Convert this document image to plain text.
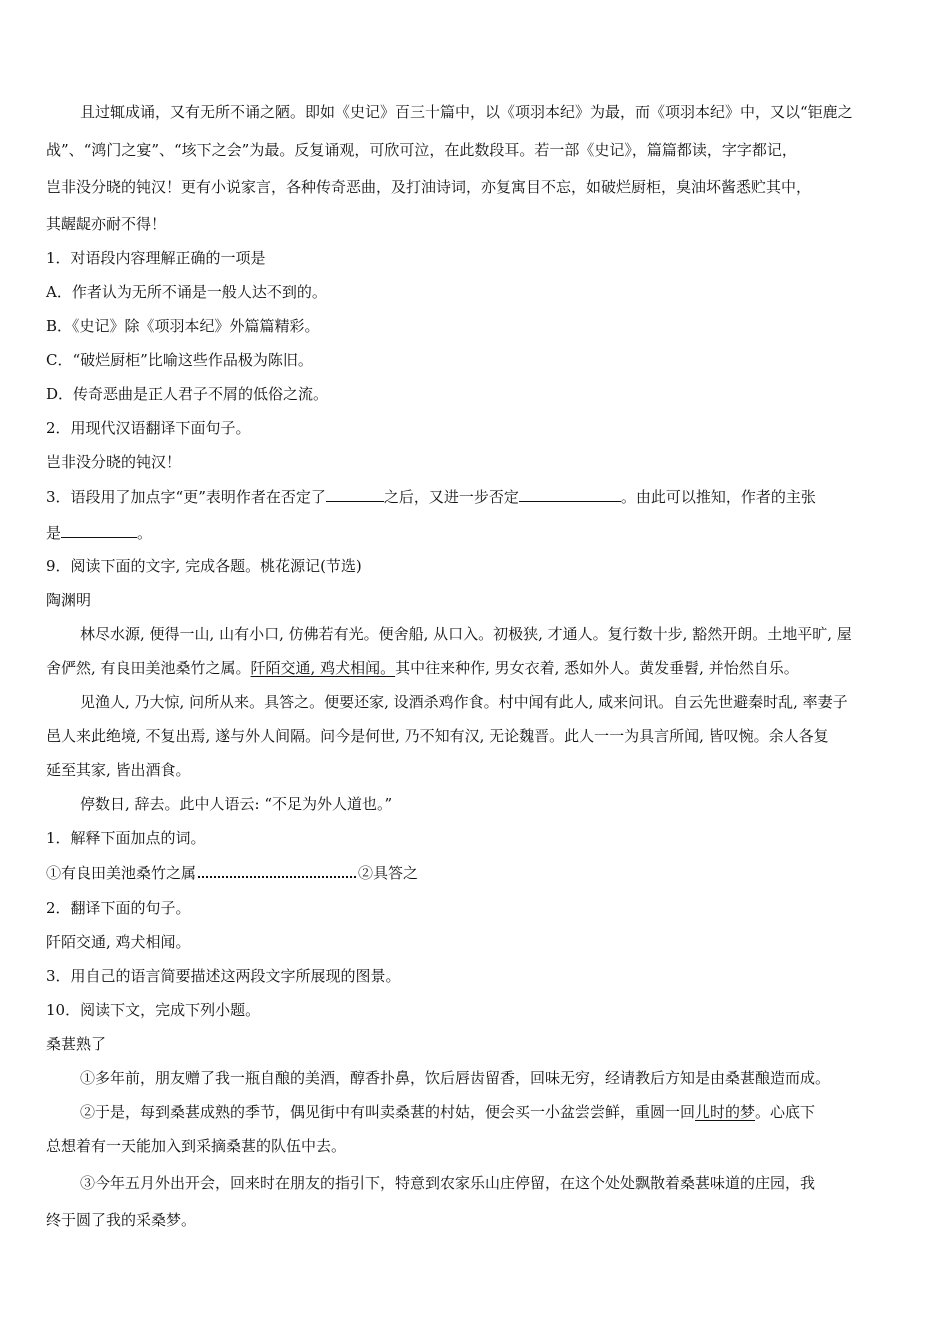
且过辄成诵，又有无所不诵之陋。即如《史记》百三十篇中，以《项羽本纪》为最，而《项羽本纪》中，又以“钜鹿之
战”、“鸿门之宴”、“垓下之会”为最。反复诵观，可欣可泣，在此数段耳。若一部《史记》，篇篇都读，字字都记，
岂非没分晓的钝汉！更有小说家言，各种传奇恶曲，及打油诗词，亦复寓目不忘，如破烂厨柜，臭油坏酱悉贮其中，
其龌龊亦耐不得！
1．对语段内容理解正确的一项是
A．作者认为无所不诵是一般人达不到的。
B．《史记》除《项羽本纪》外篇篇精彩。
C．“破烂厨柜”比喻这些作品极为陈旧。
D．传奇恶曲是正人君子不屑的低俗之流。
2．用现代汉语翻译下面句子。
岂非没分晓的钝汉！
3．语段用了加点字“更”表明作者在否定了	之后，又进一步否定	。由此可以推知，作者的主张
是	。
9．阅读下面的文字, 完成各题。桃花源记(节选)
陶渊明
林尽水源, 便得一山, 山有小口, 仿佛若有光。便舍船, 从口入。初极狭, 才通人。复行数十步, 豁然开朗。土地平旷, 屋
舍俨然, 有良田美池桑竹之属。阡陌交通, 鸡犬相闻。其中往来种作, 男女衣着, 悉如外人。黄发垂髫, 并怡然自乐。
见渔人, 乃大惊, 问所从来。具答之。便要还家, 设酒杀鸡作食。村中闻有此人, 咸来问讯。自云先世避秦时乱, 率妻子
邑人来此绝境, 不复出焉, 遂与外人间隔。问今是何世, 乃不知有汉, 无论魏晋。此人一一为具言所闻, 皆叹惋。余人各复
延至其家, 皆出酒食。
停数日, 辞去。此中人语云: “不足为外人道也。”
1．解释下面加点的词。
①有良田美池桑竹之属	②具答之
2．翻译下面的句子。
阡陌交通, 鸡犬相闻。
3．用自己的语言简要描述这两段文字所展现的图景。
10．阅读下文，完成下列小题。
桑葚熟了
①多年前，朋友赠了我一瓶自酿的美酒，醇香扑鼻，饮后唇齿留香，回味无穷，经请教后方知是由桑葚酿造而成。
②于是，每到桑葚成熟的季节，偶见街中有叫卖桑葚的村姑，便会买一小盆尝尝鲜，重圆一回儿时的梦。心底下
总想着有一天能加入到采摘桑葚的队伍中去。
③今年五月外出开会，回来时在朋友的指引下，特意到农家乐山庄停留，在这个处处飘散着桑葚味道的庄园，我
终于圆了我的采桑梦。
